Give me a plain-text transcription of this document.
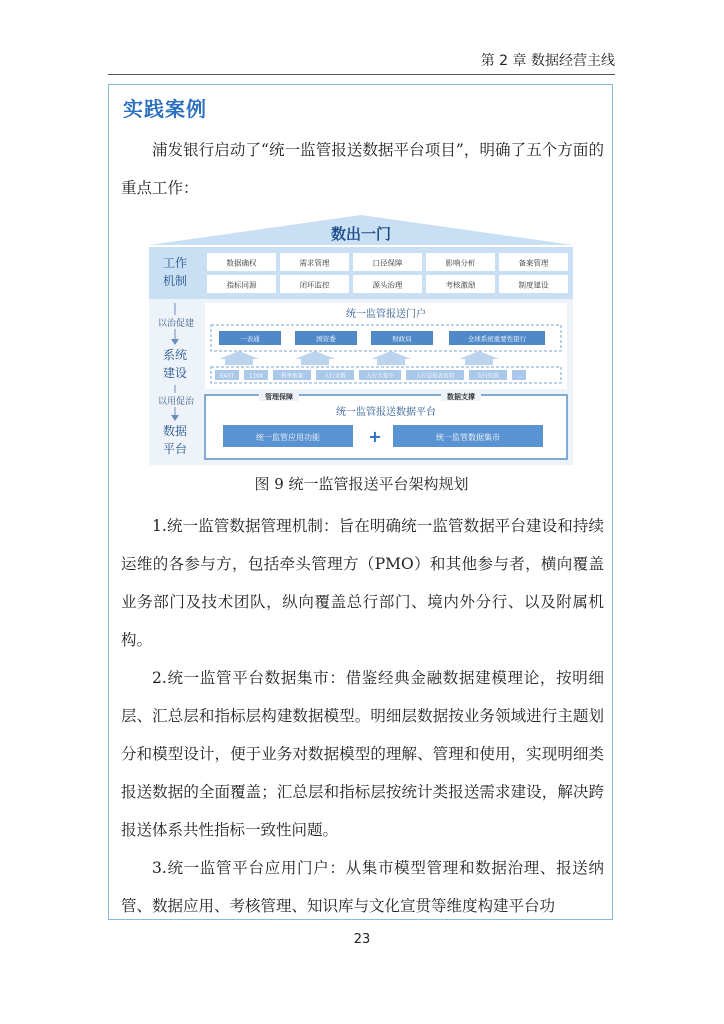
第 2 章 数据经营主线
实践案例

浦发银行启动了“统一监管报送数据平台项目”，明确了五个方面的重点工作：

数出一门
工作
机制
数据确权	需求管理	口径保障	影响分析	备案管理
指标同源	闭环监控	源头治理	考核激励	制度建设
以治促建
系统
建设
统一监管报送门户
一表通	国资委	财政局	全球系统重要性银行
EAST	1104	利率备案	人行金数	人行大集中	人行总报表资料	支付结算	…
以用促治
数据
平台
管理保障	数据支撑
统一监管报送数据平台
统一监管应用功能	+	统一监管数据集市
图 9 统一监管报送平台架构规划

1.统一监管数据管理机制：旨在明确统一监管数据平台建设和持续运维的各参与方，包括牵头管理方（PMO）和其他参与者，横向覆盖业务部门及技术团队，纵向覆盖总行部门、境内外分行、以及附属机构。

2.统一监管平台数据集市：借鉴经典金融数据建模理论，按明细层、汇总层和指标层构建数据模型。明细层数据按业务领域进行主题划分和模型设计，便于业务对数据模型的理解、管理和使用，实现明细类报送数据的全面覆盖；汇总层和指标层按统计类报送需求建设，解决跨报送体系共性指标一致性问题。

3.统一监管平台应用门户：从集市模型管理和数据治理、报送纳管、数据应用、考核管理、知识库与文化宣贯等维度构建平台功

23
